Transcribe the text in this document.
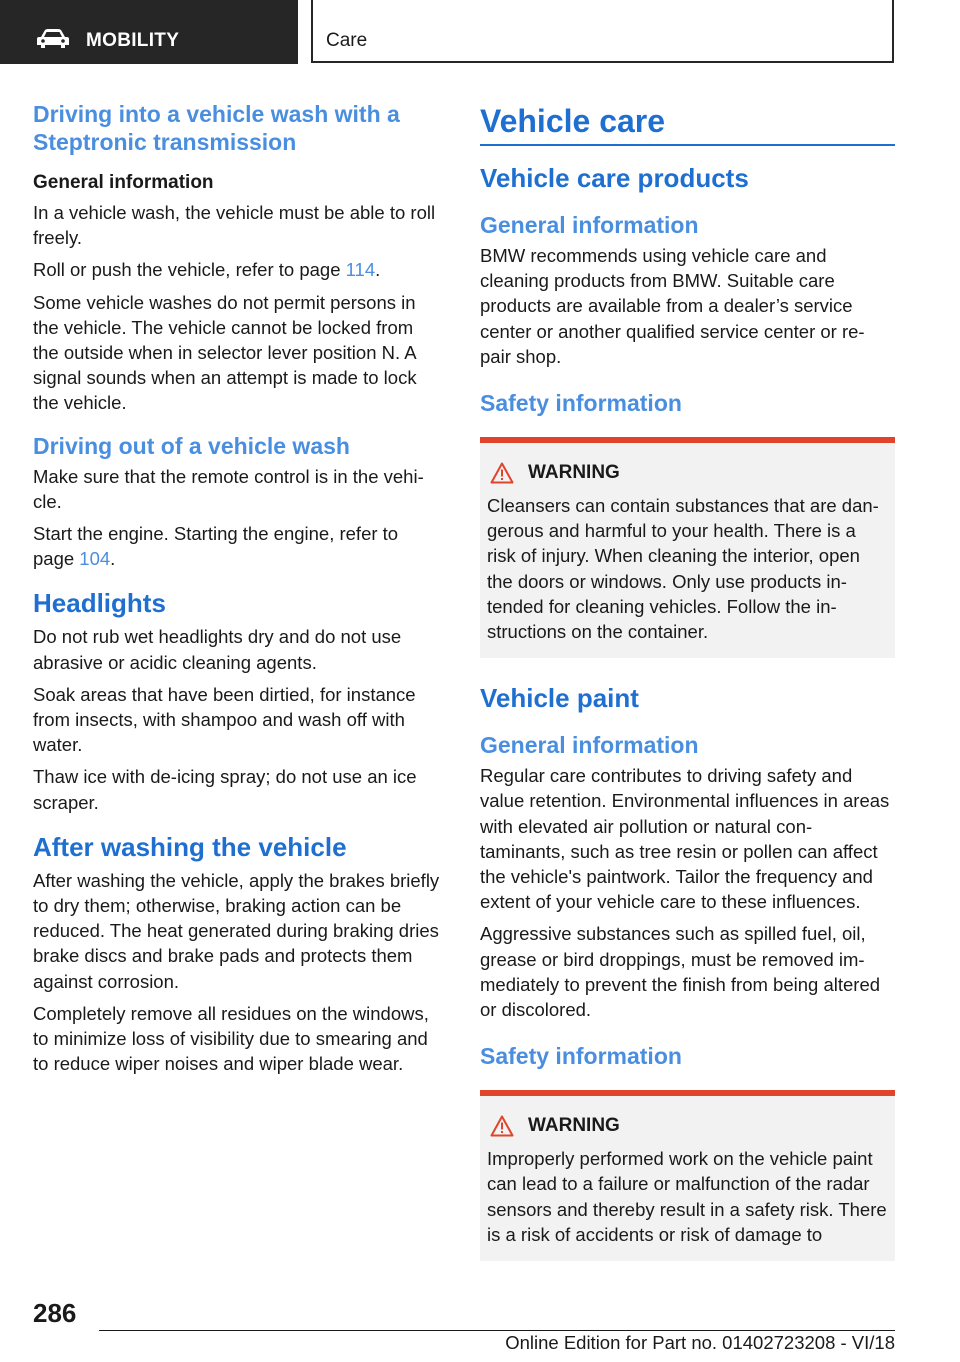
MOBILITY	Care
Driving into a vehicle wash with a Steptronic transmission
General information

In a vehicle wash, the vehicle must be able to roll freely.

Roll or push the vehicle, refer to page 114.

Some vehicle washes do not permit persons in the vehicle. The vehicle cannot be locked from the outside when in selector lever position N. A signal sounds when an attempt is made to lock the vehicle.

Driving out of a vehicle wash

Make sure that the remote control is in the vehi-cle.

Start the engine. Starting the engine, refer to page 104.

Headlights

Do not rub wet headlights dry and do not use abrasive or acidic cleaning agents.

Soak areas that have been dirtied, for instance from insects, with shampoo and wash off with water.

Thaw ice with de-icing spray; do not use an ice scraper.

After washing the vehicle

After washing the vehicle, apply the brakes briefly to dry them; otherwise, braking action can be reduced. The heat generated during braking dries brake discs and brake pads and protects them against corrosion.

Completely remove all residues on the windows, to minimize loss of visibility due to smearing and to reduce wiper noises and wiper blade wear.

Vehicle care
Vehicle care products
General information

BMW recommends using vehicle care and cleaning products from BMW. Suitable care products are available from a dealer’s service center or another qualified service center or re-pair shop.

Safety information
WARNING

Cleansers can contain substances that are dan-gerous and harmful to your health. There is a risk of injury. When cleaning the interior, open the doors or windows. Only use products in-tended for cleaning vehicles. Follow the in-structions on the container.

Vehicle paint
General information

Regular care contributes to driving safety and value retention. Environmental influences in areas with elevated air pollution or natural con-taminants, such as tree resin or pollen can affect the vehicle's paintwork. Tailor the frequency and extent of your vehicle care to these influences.

Aggressive substances such as spilled fuel, oil, grease or bird droppings, must be removed im-mediately to prevent the finish from being altered or discolored.

Safety information
WARNING

Improperly performed work on the vehicle paint can lead to a failure or malfunction of the radar sensors and thereby result in a safety risk. There is a risk of accidents or risk of damage to

286
Online Edition for Part no. 01402723208 - VI/18
